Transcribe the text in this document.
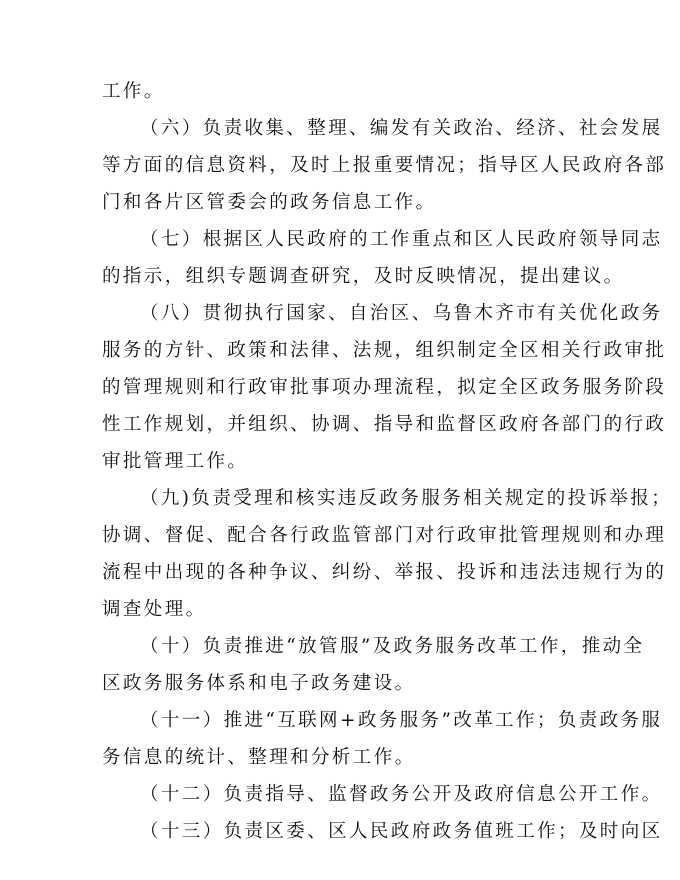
工作。
（六）负责收集、整理、编发有关政治、经济、社会发展
等方面的信息资料，及时上报重要情况；指导区人民政府各部
门和各片区管委会的政务信息工作。
（七）根据区人民政府的工作重点和区人民政府领导同志
的指示，组织专题调查研究，及时反映情况，提出建议。
（八）贯彻执行国家、自治区、乌鲁木齐市有关优化政务
服务的方针、政策和法律、法规，组织制定全区相关行政审批
的管理规则和行政审批事项办理流程，拟定全区政务服务阶段
性工作规划，并组织、协调、指导和监督区政府各部门的行政
审批管理工作。
（九)负责受理和核实违反政务服务相关规定的投诉举报；
协调、督促、配合各行政监管部门对行政审批管理规则和办理
流程中出现的各种争议、纠纷、举报、投诉和违法违规行为的
调查处理。
（十）负责推进“放管服”及政务服务改革工作，推动全
区政务服务体系和电子政务建设。
（十一）推进“互联网+政务服务”改革工作；负责政务服
务信息的统计、整理和分析工作。
（十二）负责指导、监督政务公开及政府信息公开工作。
（十三）负责区委、区人民政府政务值班工作；及时向区
